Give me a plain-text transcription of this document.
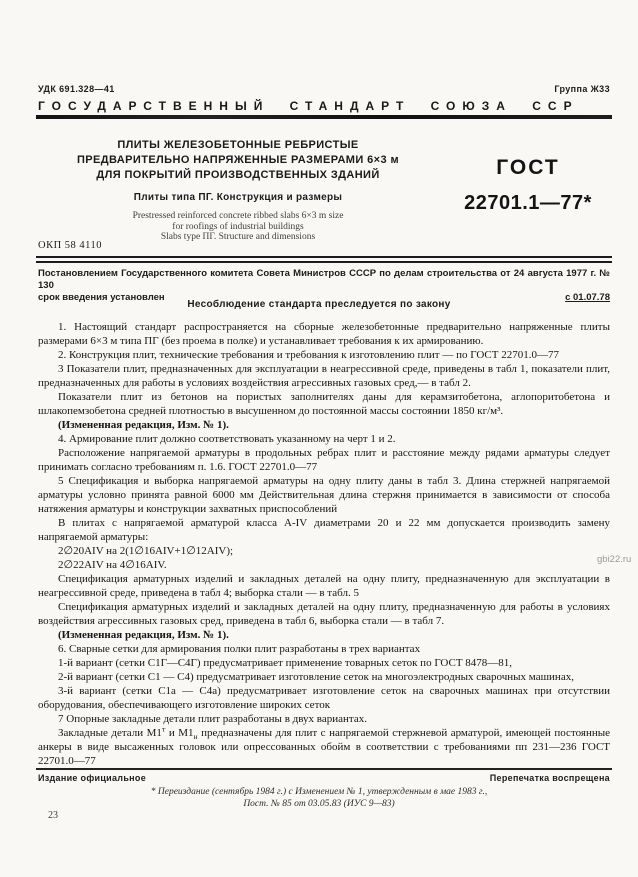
УДК 691.328—41	Группа Ж33
ГОСУДАРСТВЕННЫЙ СТАНДАРТ СОЮЗА ССР
ПЛИТЫ ЖЕЛЕЗОБЕТОННЫЕ РЕБРИСТЫЕ
ПРЕДВАРИТЕЛЬНО НАПРЯЖЕННЫЕ РАЗМЕРАМИ 6×3 м
ДЛЯ ПОКРЫТИЙ ПРОИЗВОДСТВЕННЫХ ЗДАНИЙ
Плиты типа ПГ. Конструкция и размеры
Prestressed reinforced concrete ribbed slabs 6×3 m size
for roofings of industrial buildings
Slabs type ПГ. Structure and dimensions
ГОСТ
22701.1—77*
ОКП 58 4110
Постановлением Государственного комитета Совета Министров СССР по делам строительства от 24 августа 1977 г. № 130
срок введения установлен	с 01.07.78
Несоблюдение стандарта преследуется по закону

1. Настоящий стандарт распространяется на сборные железобетонные предварительно напряженные плиты размерами 6×3 м типа ПГ (без проема в полке) и устанавливает требования к их армированию.

2. Конструкция плит, технические требования и требования к изготовлению плит — по ГОСТ 22701.0—77

3 Показатели плит, предназначенных для эксплуатации в неагрессивной среде, приведены в табл 1, показатели плит, предназначенных для работы в условиях воздействия агрессивных газовых сред,— в табл 2.

Показатели плит из бетонов на пористых заполнителях даны для керамзитобетона, аглопоритобетона и шлакопемзобетона средней плотностью в высушенном до постоянной массы состоянии 1850 кг/м³.

(Измененная редакция, Изм. № 1).

4. Армирование плит должно соответствовать указанному на черт 1 и 2.

Расположение напрягаемой арматуры в продольных ребрах плит и расстояние между рядами арматуры следует принимать согласно требованиям п. 1.6. ГОСТ 22701.0—77

5 Спецификация и выборка напрягаемой арматуры на одну плиту даны в табл 3. Длина стержней напрягаемой арматуры условно принята равной 6000 мм Действительная длина стержня принимается в зависимости от способа натяжения арматуры и конструкции захватных приспособлений

В плитах с напрягаемой арматурой класса А-IV диаметрами 20 и 22 мм допускается производить замену напрягаемой арматуры:

2∅20АIV на 2(1∅16АIV+1∅12АIV);

2∅22АIV на 4∅16АIV.

Спецификация арматурных изделий и закладных деталей на одну плиту, предназначенную для эксплуатации в неагрессивной среде, приведена в табл 4; выборка стали — в табл. 5

Спецификация арматурных изделий и закладных деталей на одну плиту, предназначенную для работы в условиях воздействия агрессивных газовых сред, приведена в табл 6, выборка стали — в табл 7.

(Измененная редакция, Изм. № 1).

6. Сварные сетки для армирования полки плит разработаны в трех вариантах

1-й вариант (сетки С1Г—С4Г) предусматривает применение товарных сеток по ГОСТ 8478—81,

2-й вариант (сетки С1 — С4) предусматривает изготовление сеток на многоэлектродных сварочных машинах,

3-й вариант (сетки С1а — С4а) предусматривает изготовление сеток на сварочных машинах при отсутствии оборудования, обеспечивающего изготовление широких сеток

7 Опорные закладные детали плит разработаны в двух вариантах.

Закладные детали $М1^т$ и $М1_н$ предназначены для плит с напрягаемой стержневой арматурой, имеющей постоянные анкеры в виде высаженных головок или опрессованных обойм в соответствии с требованиями пп 231—236 ГОСТ 22701.0—77

Издание официальное	Перепечатка воспрещена
* Переиздание (сентябрь 1984 г.) с Изменением № 1, утвержденным в мае 1983 г.,
Пост. № 85 от 03.05.83 (ИУС 9—83)
23
gbi22.ru
